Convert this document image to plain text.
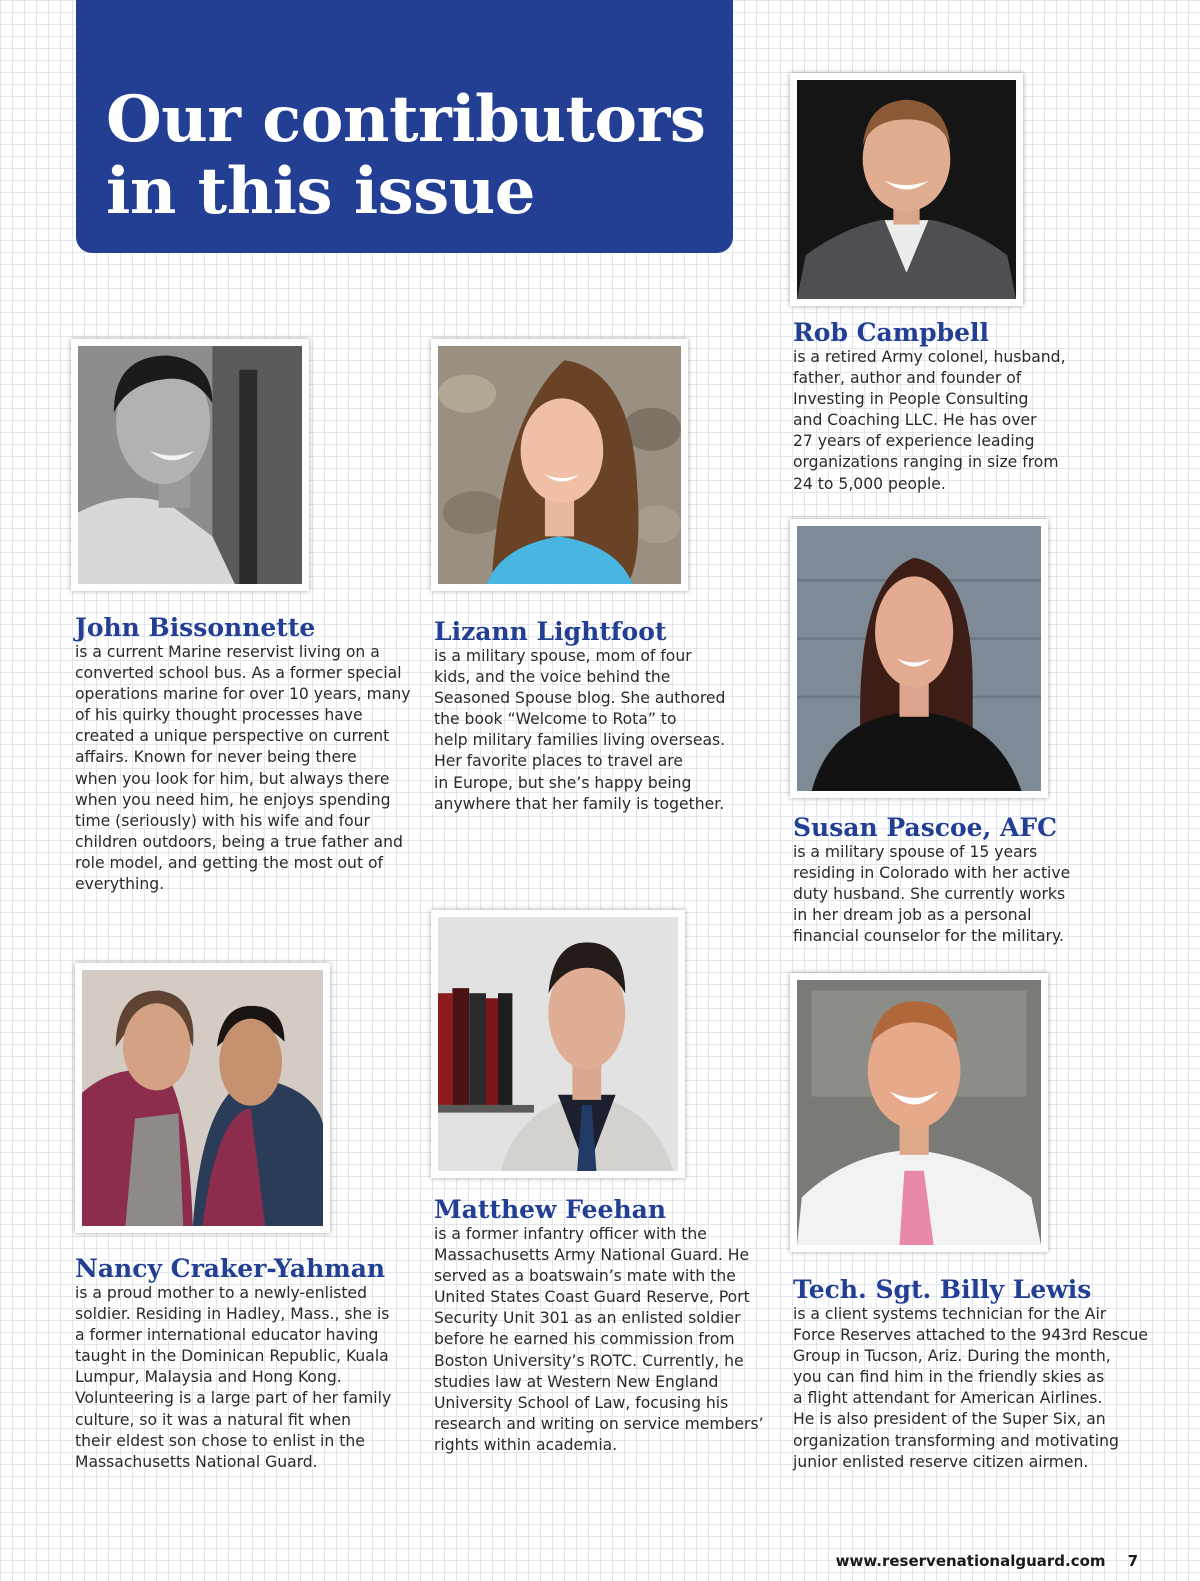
Our contributors
in this issue
Rob Campbell

is a retired Army colonel, husband,
father, author and founder of
Investing in People Consulting
and Coaching LLC. He has over
27 years of experience leading
organizations ranging in size from
24 to 5,000 people.

John Bissonnette

is a current Marine reservist living on a
converted school bus. As a former special
operations marine for over 10 years, many
of his quirky thought processes have
created a unique perspective on current
affairs. Known for never being there
when you look for him, but always there
when you need him, he enjoys spending
time (seriously) with his wife and four
children outdoors, being a true father and
role model, and getting the most out of
everything.

Lizann Lightfoot

is a military spouse, mom of four
kids, and the voice behind the
Seasoned Spouse blog. She authored
the book “Welcome to Rota” to
help military families living overseas.
Her favorite places to travel are
in Europe, but she’s happy being
anywhere that her family is together.

Susan Pascoe, AFC

is a military spouse of 15 years
residing in Colorado with her active
duty husband. She currently works
in her dream job as a personal
financial counselor for the military.

Matthew Feehan

is a former infantry officer with the
Massachusetts Army National Guard. He
served as a boatswain’s mate with the
United States Coast Guard Reserve, Port
Security Unit 301 as an enlisted soldier
before he earned his commission from
Boston University’s ROTC. Currently, he
studies law at Western New England
University School of Law, focusing his
research and writing on service members’
rights within academia.

Nancy Craker-Yahman

is a proud mother to a newly-enlisted
soldier. Residing in Hadley, Mass., she is
a former international educator having
taught in the Dominican Republic, Kuala
Lumpur, Malaysia and Hong Kong.
Volunteering is a large part of her family
culture, so it was a natural fit when
their eldest son chose to enlist in the
Massachusetts National Guard.

Tech. Sgt. Billy Lewis

is a client systems technician for the Air
Force Reserves attached to the 943rd Rescue
Group in Tucson, Ariz. During the month,
you can find him in the friendly skies as
a flight attendant for American Airlines.
He is also president of the Super Six, an
organization transforming and motivating
junior enlisted reserve citizen airmen.

www.reservenationalguard.com 7
